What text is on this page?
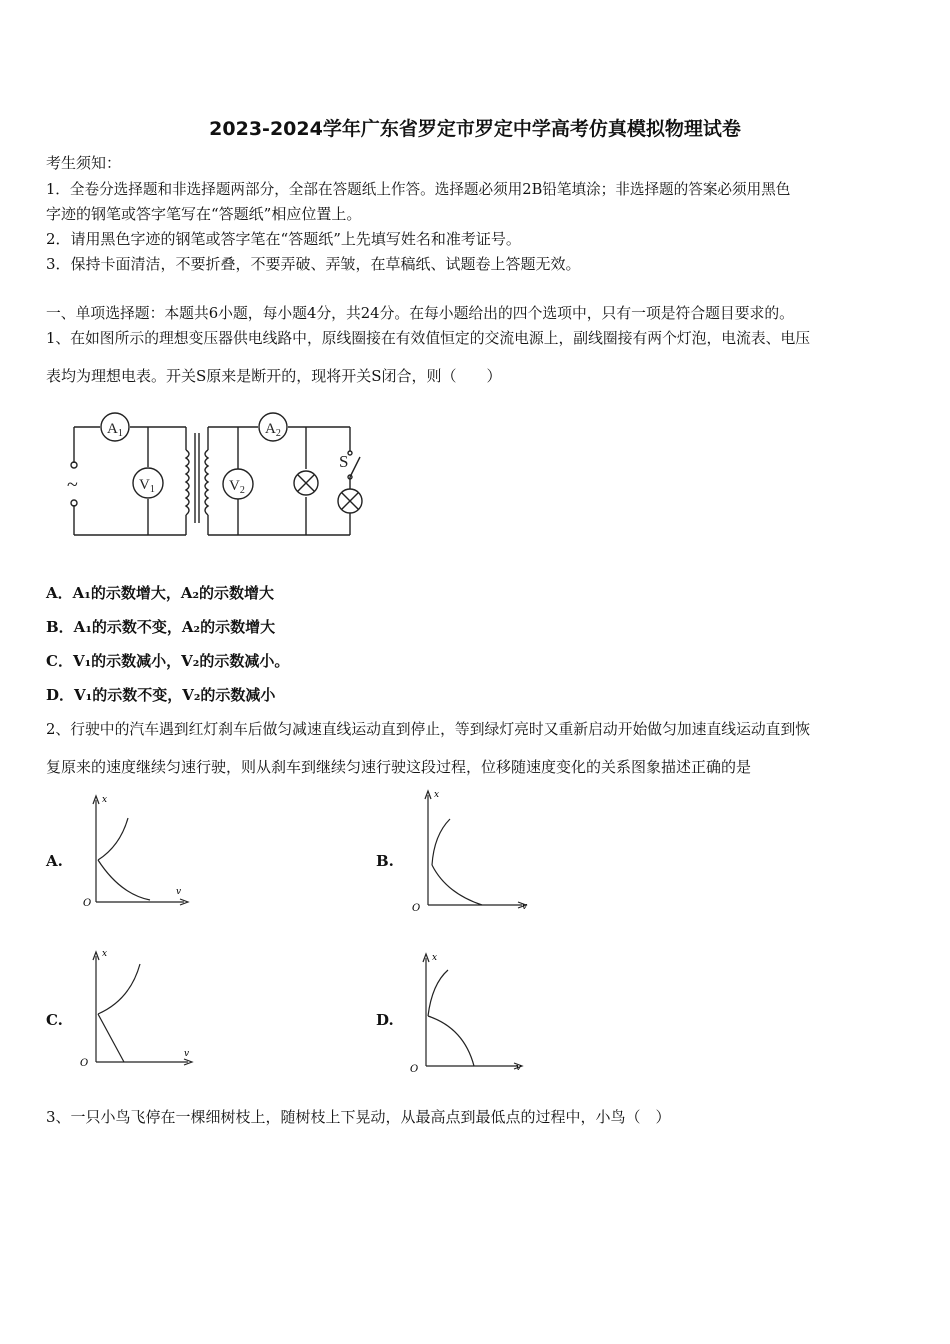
2023-2024学年广东省罗定市罗定中学高考仿真模拟物理试卷
考生须知：
1．全卷分选择题和非选择题两部分，全部在答题纸上作答。选择题必须用2B铅笔填涂；非选择题的答案必须用黑色
字迹的钢笔或答字笔写在“答题纸”相应位置上。
2．请用黑色字迹的钢笔或答字笔在“答题纸”上先填写姓名和准考证号。
3．保持卡面清洁，不要折叠，不要弄破、弄皱，在草稿纸、试题卷上答题无效。
一、单项选择题：本题共6小题，每小题4分，共24分。在每小题给出的四个选项中，只有一项是符合题目要求的。
1、在如图所示的理想变压器供电线路中，原线圈接在有效值恒定的交流电源上，副线圈接有两个灯泡，电流表、电压
表均为理想电表。开关S原来是断开的，现将开关S闭合，则（　　）
~
$A_1$	$A_2$
$V_1$	$V_2$
S
A．A₁的示数增大，A₂的示数增大
B．A₁的示数不变，A₂的示数增大
C．V₁的示数减小，V₂的示数减小。
D．V₁的示数不变，V₂的示数减小
2、行驶中的汽车遇到红灯刹车后做匀减速直线运动直到停止，等到绿灯亮时又重新启动开始做匀加速直线运动直到恢
复原来的速度继续匀速行驶，则从刹车到继续匀速行驶这段过程，位移随速度变化的关系图象描述正确的是
A.
x
v
O
B.
x
v
O
C.
x
v
O
D.
x
v
O
3、一只小鸟飞停在一棵细树枝上，随树枝上下晃动，从最高点到最低点的过程中，小鸟（　）
